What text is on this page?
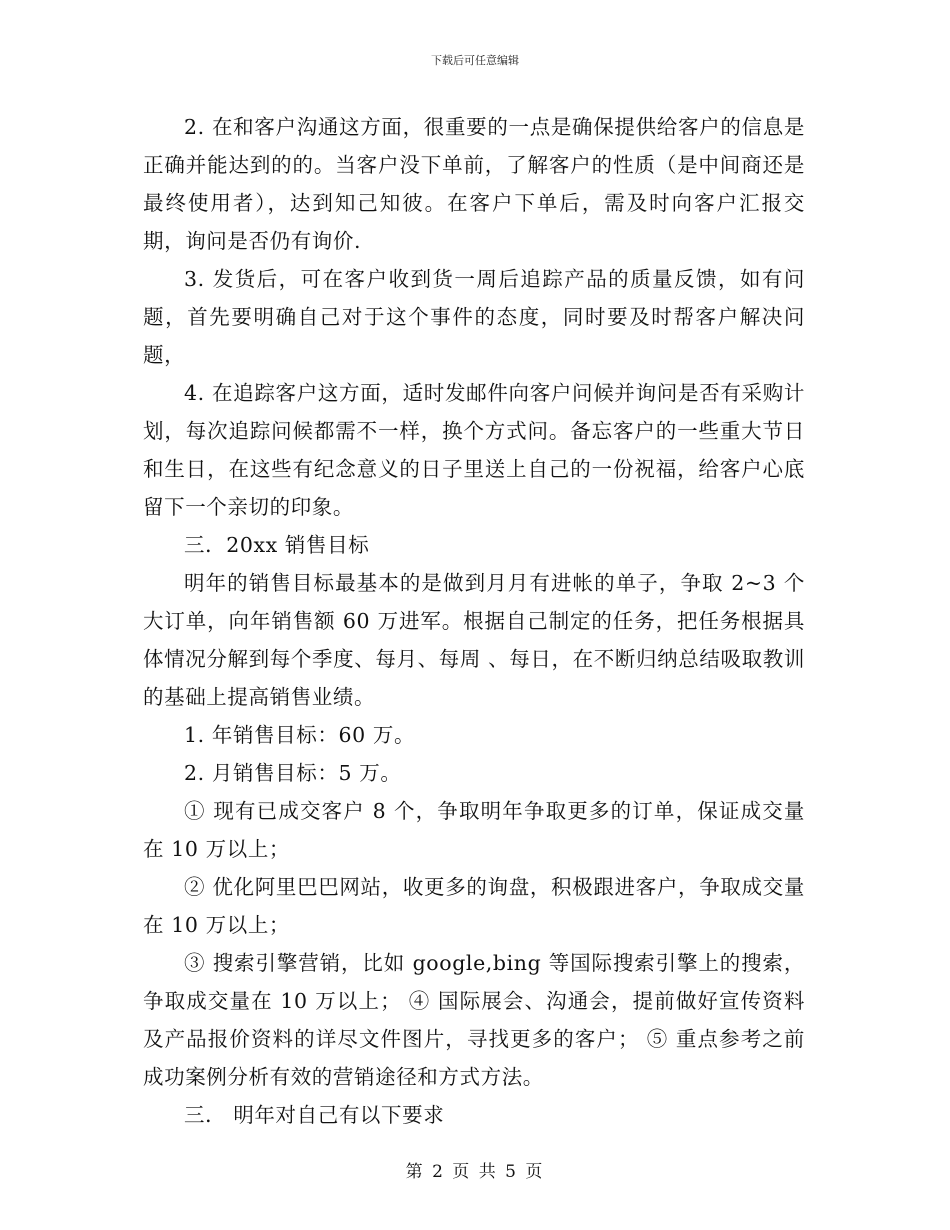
下载后可任意编辑

2. 在和客户沟通这方面，很重要的一点是确保提供给客户的信息是正确并能达到的的。当客户没下单前，了解客户的性质（是中间商还是最终使用者），达到知己知彼。在客户下单后，需及时向客户汇报交期，询问是否仍有询价.

3. 发货后，可在客户收到货一周后追踪产品的质量反馈，如有问题，首先要明确自己对于这个事件的态度，同时要及时帮客户解决问题，

4. 在追踪客户这方面，适时发邮件向客户问候并询问是否有采购计划，每次追踪问候都需不一样，换个方式问。备忘客户的一些重大节日和生日，在这些有纪念意义的日子里送上自己的一份祝福，给客户心底留下一个亲切的印象。

三．20xx 销售目标

明年的销售目标最基本的是做到月月有进帐的单子，争取 2~3 个大订单，向年销售额 60 万进军。根据自己制定的任务，把任务根据具体情况分解到每个季度、每月、每周 、每日，在不断归纳总结吸取教训的基础上提高销售业绩。

1. 年销售目标：60 万。

2. 月销售目标：5 万。

① 现有已成交客户 8 个，争取明年争取更多的订单，保证成交量在 10 万以上；

② 优化阿里巴巴网站，收更多的询盘，积极跟进客户，争取成交量在 10 万以上；

③ 搜索引擎营销，比如 google,bing 等国际搜索引擎上的搜索，争取成交量在 10 万以上； ④ 国际展会、沟通会，提前做好宣传资料及产品报价资料的详尽文件图片，寻找更多的客户； ⑤ 重点参考之前成功案例分析有效的营销途径和方式方法。

三． 明年对自己有以下要求

第 2 页 共 5 页
